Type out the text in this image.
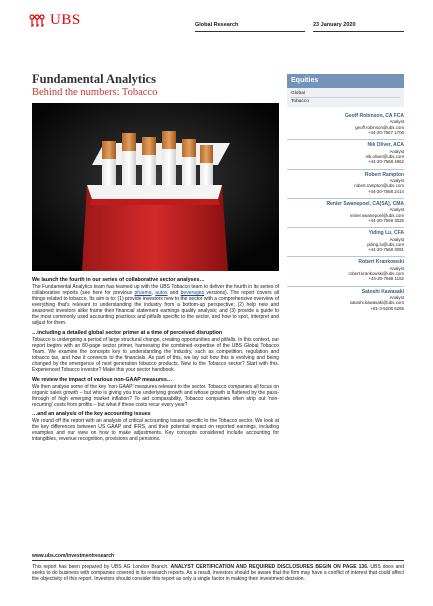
UBS	Global Research	23 January 2020
Fundamental Analytics
Behind the numbers: Tobacco
We launch the fourth in our series of collaborative sector analyses…

The Fundamental Analytics team has teamed up with the UBS Tobacco team to deliver the fourth in its series of collaborative reports (see here for previous pharma, autos and beverages versions). The report covers all things related to tobacco. Its aim is to: (1) provide investors new to the sector with a comprehensive overview of everything that's relevant to understanding the industry from a bottom-up perspective; (2) help new and seasoned investors alike frame their financial statement earnings quality analysis; and (3) provide a guide to the most commonly used accounting practices and pitfalls specific to the sector, and how to spot, interpret and adjust for them.

…including a detailed global sector primer at a time of perceived disruption

Tobacco is undergoing a period of large structural change, creating opportunities and pitfalls. In this context, our report begins with an 80-page sector primer, harnessing the combined expertise of the UBS Global Tobacco Team. We examine the concepts key to understanding the industry, such as competition, regulation and tobacco tax, and how it connects to the financials. As part of this, we lay out how this is evolving and being changed by the emergence of next generation tobacco products. New to the Tobacco sector? Start with this. Experienced Tobacco investor? Make this your sector handbook.

We review the impact of various non-GAAP measures…

We then analyse some of the key 'non-GAAP' measures relevant to the sector. Tobacco companies all focus on organic sales growth – but who is giving you true underlying growth and whose growth is flattered by the pass-through of high emerging market inflation? To aid comparability, Tobacco companies often strip out 'non-recurring' costs from profits – but what if these costs recur every year?

…and an analysis of the key accounting issues

We round off the report with an analysis of critical accounting issues specific to the Tobacco sector. We look at the key differences between US GAAP and IFRS, and their potential impact on reported earnings, including examples and our view on how to make adjustments. Key concepts considered include accounting for intangibles, revenue recognition, provisions and pensions.

Equities
Global
Tobacco
Geoff Robinson, CA FCA
Analyst
geoff.robinson@ubs.com
+44-20-7567 1706
Nik Oliver, ACA
Analyst
nik.oliver@ubs.com
+44-20-7568 4962
Robert Rampton
Analyst
robert.rampton@ubs.com
+44-20-7568 2414
Renier Swanepoel, CA(SA), CMA
Analyst
renier.swanepoel@ubs.com
+44-20-7568 3025
Yiding Lu, CFA
Analyst
yiding.lu@ubs.com
+44-20-7568 3091
Robert Krankowski
Analyst
robert.krankowski@ubs.com
+44-20-7568 1152
Satoshi Kawasaki
Analyst
satoshi.kawasaki@ubs.com
+81-3-5208 6265
www.ubs.com/investmentresearch

This report has been prepared by UBS AG London Branch. ANALYST CERTIFICATION AND REQUIRED DISCLOSURES BEGIN ON PAGE 136. UBS does and seeks to do business with companies covered in its research reports. As a result, investors should be aware that the firm may have a conflict of interest that could affect the objectivity of this report. Investors should consider this report as only a single factor in making their investment decision.
